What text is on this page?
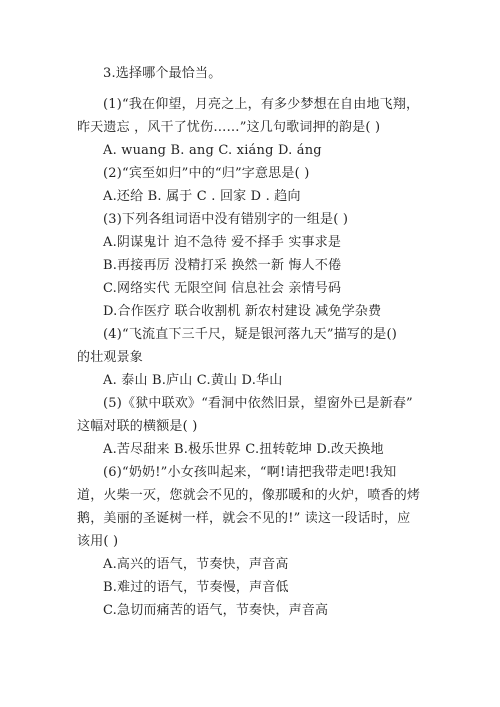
3.选择哪个最恰当。
(1)“我在仰望，月亮之上，有多少梦想在自由地飞翔，
昨天遗忘 ，风干了忧伤……”这几句歌词押的韵是( )
A. wuang B. ang C. xiáng D. áng
(2)“宾至如归”中的“归”字意思是( )
A.还给 B. 属于 C . 回家 D . 趋向
(3)下列各组词语中没有错别字的一组是( )
A.阴谋鬼计 迫不急待 爱不择手 实事求是
B.再接再厉 没精打采 换然一新 悔人不倦
C.网络实代 无限空间 信息社会 亲情号码
D.合作医疗 联合收割机 新农村建设 减免学杂费
(4)“飞流直下三千尺，疑是银河落九天”描写的是()
的壮观景象
A. 泰山 B.庐山 C.黄山 D.华山
(5)《狱中联欢》“看洞中依然旧景，望窗外已是新春”
这幅对联的横额是( )
A.苦尽甜来 B.极乐世界 C.扭转乾坤 D.改天换地
(6)“奶奶!”小女孩叫起来，“啊!请把我带走吧!我知
道，火柴一灭，您就会不见的，像那暖和的火炉，喷香的烤
鹅，美丽的圣诞树一样，就会不见的!” 读这一段话时，应
该用( )
A.高兴的语气，节奏快，声音高
B.难过的语气，节奏慢，声音低
C.急切而痛苦的语气，节奏快，声音高
